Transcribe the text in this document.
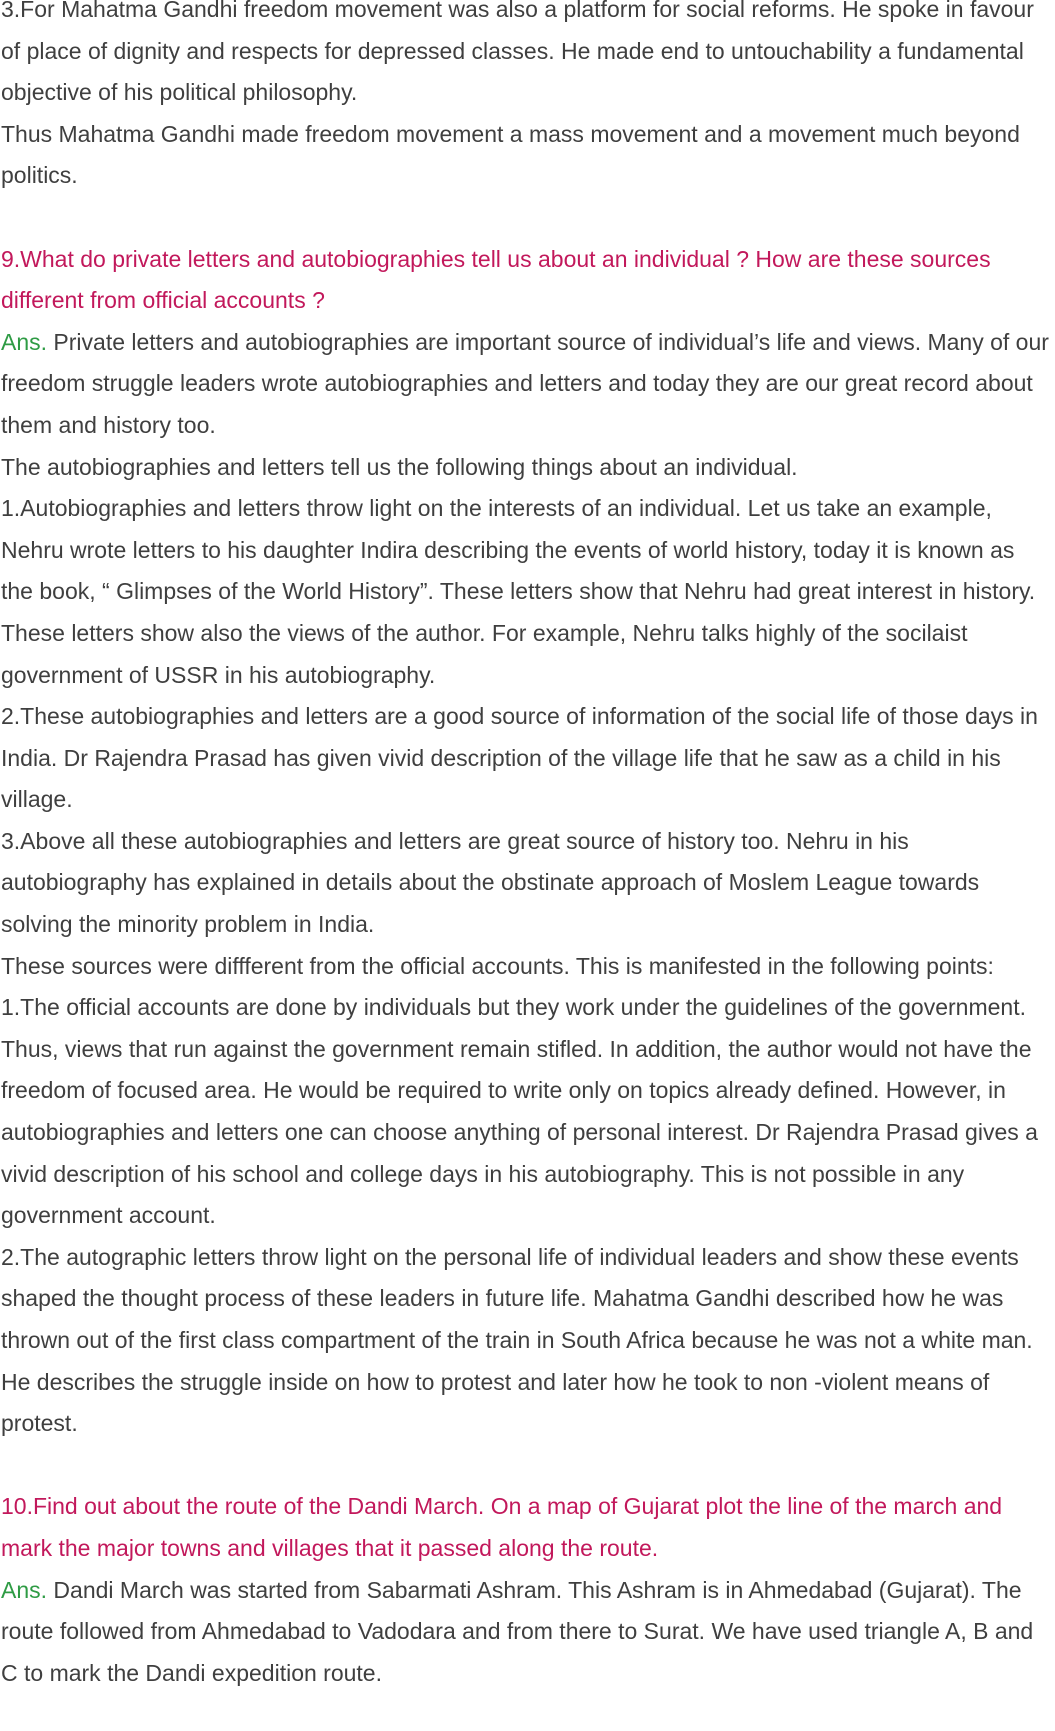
3.For Mahatma Gandhi freedom movement was also a platform for social reforms. He spoke in favour of place of dignity and respects for depressed classes. He made end to untouchability a fundamental objective of his political philosophy.

Thus Mahatma Gandhi made freedom movement a mass movement and a movement much beyond politics.

9.What do private letters and autobiographies tell us about an individual ? How are these sources different from official accounts ?

Ans. Private letters and autobiographies are important source of individual’s life and views. Many of our freedom struggle leaders wrote autobiographies and letters and today they are our great record about them and history too.

The autobiographies and letters tell us the following things about an individual.

1.Autobiographies and letters throw light on the interests of an individual. Let us take an example, Nehru wrote letters to his daughter Indira describing the events of world history, today it is known as the book, “ Glimpses of the World History”. These letters show that Nehru had great interest in history. These letters show also the views of the author. For example, Nehru talks highly of the socilaist government of USSR in his autobiography.

2.These autobiographies and letters are a good source of information of the social life of those days in India. Dr Rajendra Prasad has given vivid description of the village life that he saw as a child in his village.

3.Above all these autobiographies and letters are great source of history too. Nehru in his autobiography has explained in details about the obstinate approach of Moslem League towards solving the minority problem in India.

These sources were diffferent from the official accounts. This is manifested in the following points:

1.The official accounts are done by individuals but they work under the guidelines of the government. Thus, views that run against the government remain stifled. In addition, the author would not have the freedom of focused area. He would be required to write only on topics already defined. However, in autobiographies and letters one can choose anything of personal interest. Dr Rajendra Prasad gives a vivid description of his school and college days in his autobiography. This is not possible in any government account.

2.The autographic letters throw light on the personal life of individual leaders and show these events shaped the thought process of these leaders in future life. Mahatma Gandhi described how he was thrown out of the first class compartment of the train in South Africa because he was not a white man. He describes the struggle inside on how to protest and later how he took to non -violent means of protest.

10.Find out about the route of the Dandi March. On a map of Gujarat plot the line of the march and mark the major towns and villages that it passed along the route.

Ans. Dandi March was started from Sabarmati Ashram. This Ashram is in Ahmedabad (Gujarat). The route followed from Ahmedabad to Vadodara and from there to Surat. We have used triangle A, B and C to mark the Dandi expedition route.
